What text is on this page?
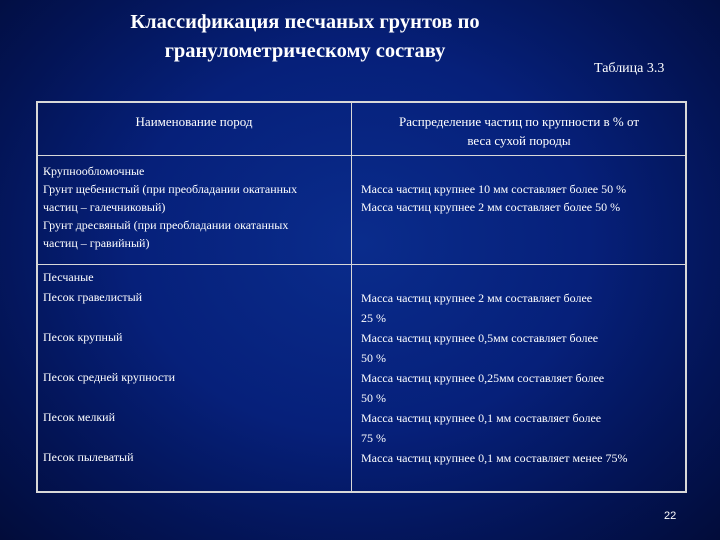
Классификация песчаных грунтов по
гранулометрическому составу
Таблица 3.3
Наименование пород	Распределение частиц по крупности в % от
веса сухой породы
Крупнообломочные
Грунт щебенистый (при преобладании окатанных
частиц – галечниковый)
Грунт дресвяный (при преобладании окатанных
частиц – гравийный)
Масса частиц крупнее 10 мм составляет более 50 %
Масса частиц крупнее 2 мм составляет более 50 %
Песчаные
Песок гравелистый
Песок крупный
Песок средней крупности
Песок мелкий
Песок пылеватый
Масса частиц крупнее 2 мм составляет более
25 %
Масса частиц крупнее 0,5мм составляет более
50 %
Масса частиц крупнее 0,25мм составляет более
50 %
Масса частиц крупнее 0,1 мм составляет более
75 %
Масса частиц крупнее 0,1 мм составляет менее 75%
22
